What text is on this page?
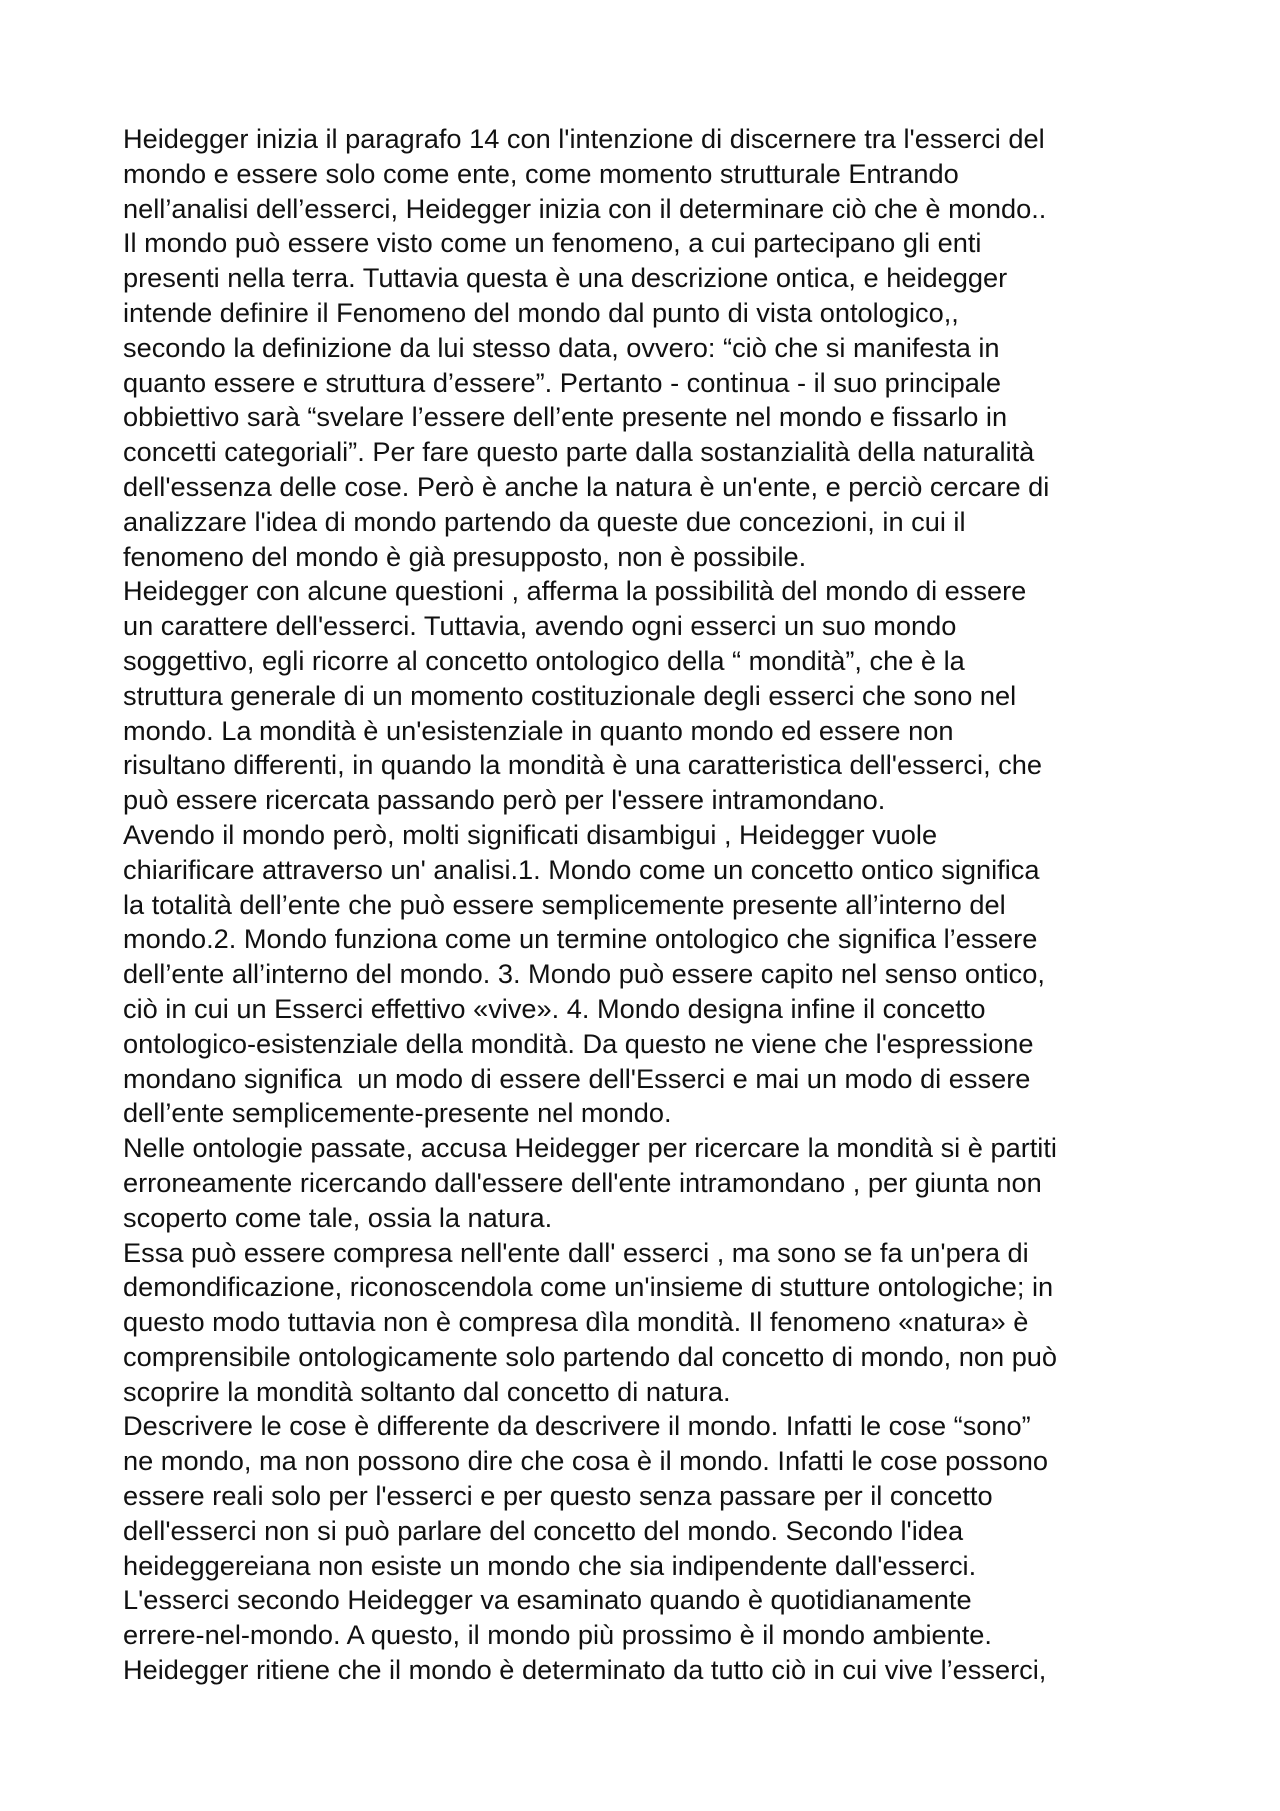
Heidegger inizia il paragrafo 14 con l'intenzione di discernere tra l'esserci del
mondo e essere solo come ente, come momento strutturale Entrando
nell’analisi dell’esserci, Heidegger inizia con il determinare ciò che è mondo..
Il mondo può essere visto come un fenomeno, a cui partecipano gli enti
presenti nella terra. Tuttavia questa è una descrizione ontica, e heidegger
intende definire il Fenomeno del mondo dal punto di vista ontologico,,
secondo la definizione da lui stesso data, ovvero: “ciò che si manifesta in
quanto essere e struttura d’essere”. Pertanto - continua - il suo principale
obbiettivo sarà “svelare l’essere dell’ente presente nel mondo e fissarlo in
concetti categoriali”. Per fare questo parte dalla sostanzialità della naturalità
dell'essenza delle cose. Però è anche la natura è un'ente, e perciò cercare di
analizzare l'idea di mondo partendo da queste due concezioni, in cui il
fenomeno del mondo è già presupposto, non è possibile.
Heidegger con alcune questioni , afferma la possibilità del mondo di essere
un carattere dell'esserci. Tuttavia, avendo ogni esserci un suo mondo
soggettivo, egli ricorre al concetto ontologico della “ mondità”, che è la
struttura generale di un momento costituzionale degli esserci che sono nel
mondo. La mondità è un'esistenziale in quanto mondo ed essere non
risultano differenti, in quando la mondità è una caratteristica dell'esserci, che
può essere ricercata passando però per l'essere intramondano.
Avendo il mondo però, molti significati disambigui , Heidegger vuole
chiarificare attraverso un' analisi.1. Mondo come un concetto ontico significa
la totalità dell’ente che può essere semplicemente presente all’interno del
mondo.2. Mondo funziona come un termine ontologico che significa l’essere
dell’ente all’interno del mondo. 3. Mondo può essere capito nel senso ontico,
ciò in cui un Esserci effettivo «vive». 4. Mondo designa infine il concetto
ontologico-esistenziale della mondità. Da questo ne viene che l'espressione
mondano significa  un modo di essere dell'Esserci e mai un modo di essere
dell’ente semplicemente-presente nel mondo.
Nelle ontologie passate, accusa Heidegger per ricercare la mondità si è partiti
erroneamente ricercando dall'essere dell'ente intramondano , per giunta non
scoperto come tale, ossia la natura.
Essa può essere compresa nell'ente dall' esserci , ma sono se fa un'pera di
demondificazione, riconoscendola come un'insieme di stutture ontologiche; in
questo modo tuttavia non è compresa dìla mondità. Il fenomeno «natura» è
comprensibile ontologicamente solo partendo dal concetto di mondo, non può
scoprire la mondità soltanto dal concetto di natura.
Descrivere le cose è differente da descrivere il mondo. Infatti le cose “sono”
ne mondo, ma non possono dire che cosa è il mondo. Infatti le cose possono
essere reali solo per l'esserci e per questo senza passare per il concetto
dell'esserci non si può parlare del concetto del mondo. Secondo l'idea
heideggereiana non esiste un mondo che sia indipendente dall'esserci.
L'esserci secondo Heidegger va esaminato quando è quotidianamente
errere-nel-mondo. A questo, il mondo più prossimo è il mondo ambiente.
Heidegger ritiene che il mondo è determinato da tutto ciò in cui vive l’esserci,
